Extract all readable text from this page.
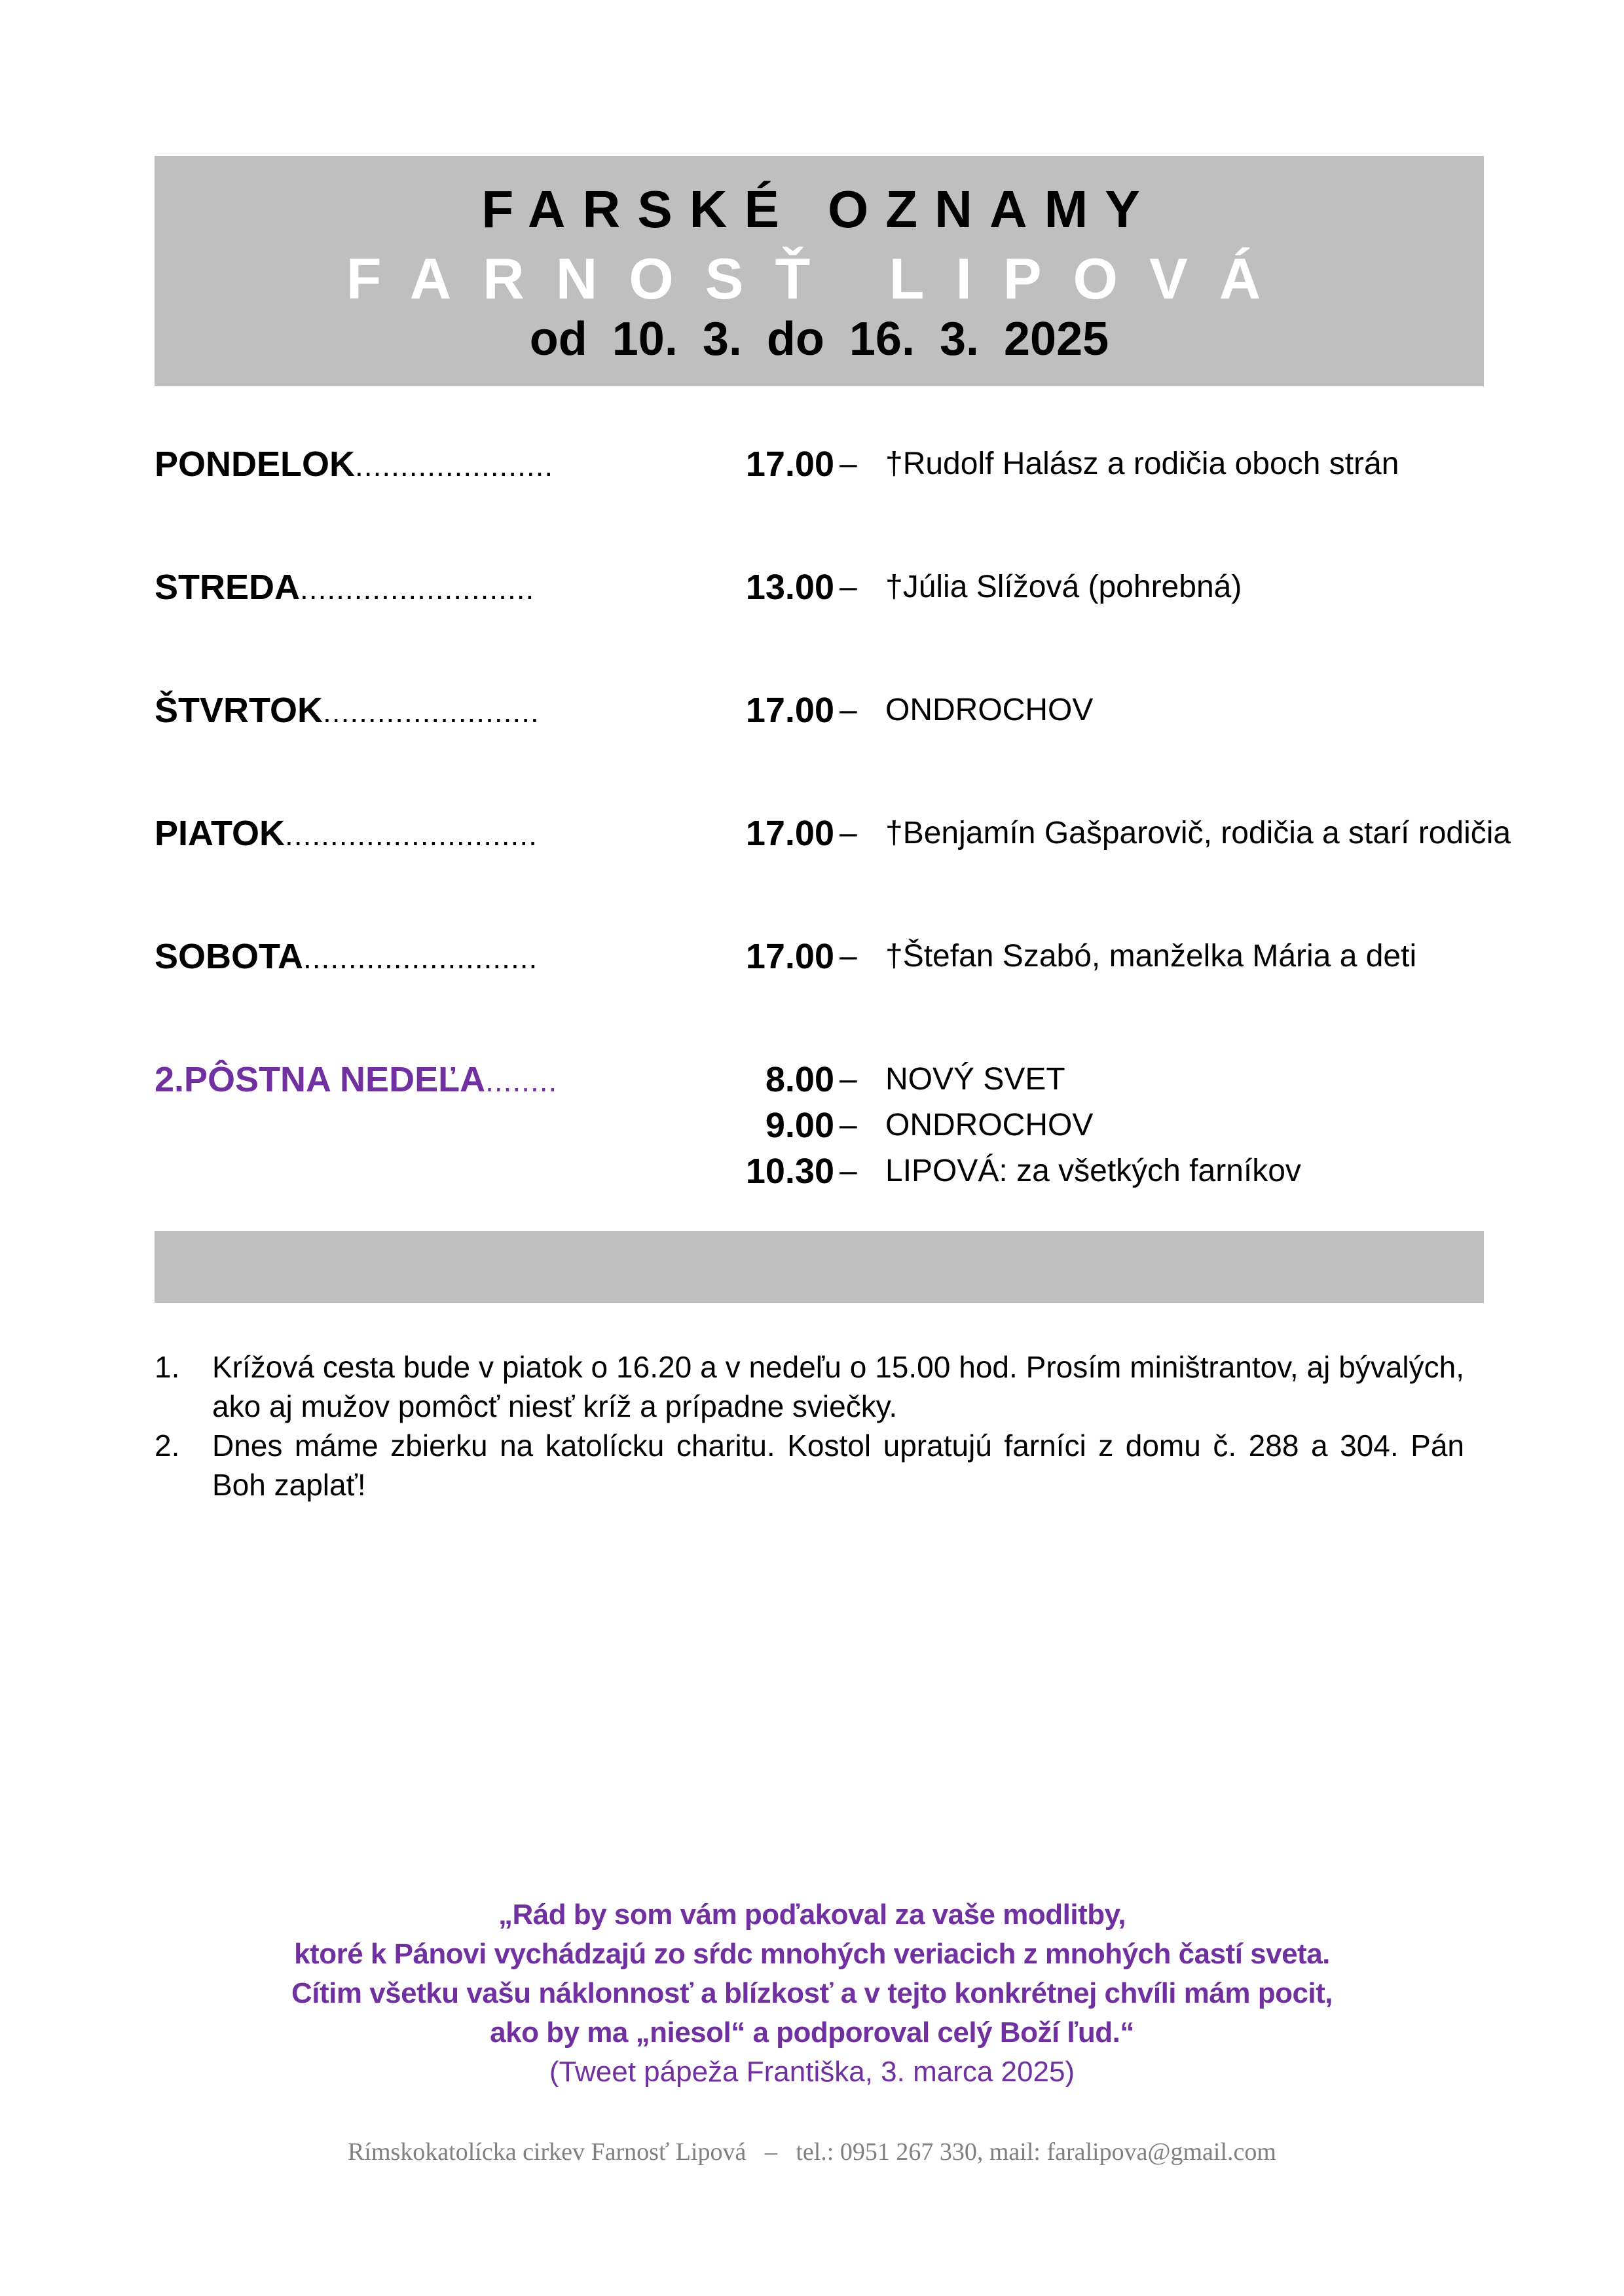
FARSKÉ OZNAMY
FARNOSŤ LIPOVÁ
od 10. 3. do 16. 3. 2025
PONDELOK......................	17.00 – †Rudolf Halász a rodičia oboch strán
STREDA..........................	13.00 – †Júlia Slížová (pohrebná)
ŠTVRTOK........................	17.00 – ONDROCHOV
PIATOK............................	17.00 – †Benjamín Gašparovič, rodičia a starí rodičia
SOBOTA..........................	17.00 – †Štefan Szabó, manželka Mária a deti
2.PÔSTNA NEDEĽA........	8.00 – NOVÝ SVET
9.00 – ONDROCHOV
10.30 – LIPOVÁ: za všetkých farníkov

1. Krížová cesta bude v piatok o 16.20 a v nedeľu o 15.00 hod. Prosím miništrantov, aj bývalých, ako aj mužov pomôcť niesť kríž a prípadne sviečky.

2. Dnes máme zbierku na katolícku charitu. Kostol upratujú farníci z domu č. 288 a 304. Pán Boh zaplať!

„Rád by som vám poďakoval za vaše modlitby,
ktoré k Pánovi vychádzajú zo sŕdc mnohých veriacich z mnohých častí sveta.
Cítim všetku vašu náklonnosť a blízkosť a v tejto konkrétnej chvíli mám pocit,
ako by ma „niesol“ a podporoval celý Boží ľud.“
(Tweet pápeža Františka, 3. marca 2025)
Rímskokatolícka cirkev Farnosť Lipová   –   tel.: 0951 267 330, mail: faralipova@gmail.com
